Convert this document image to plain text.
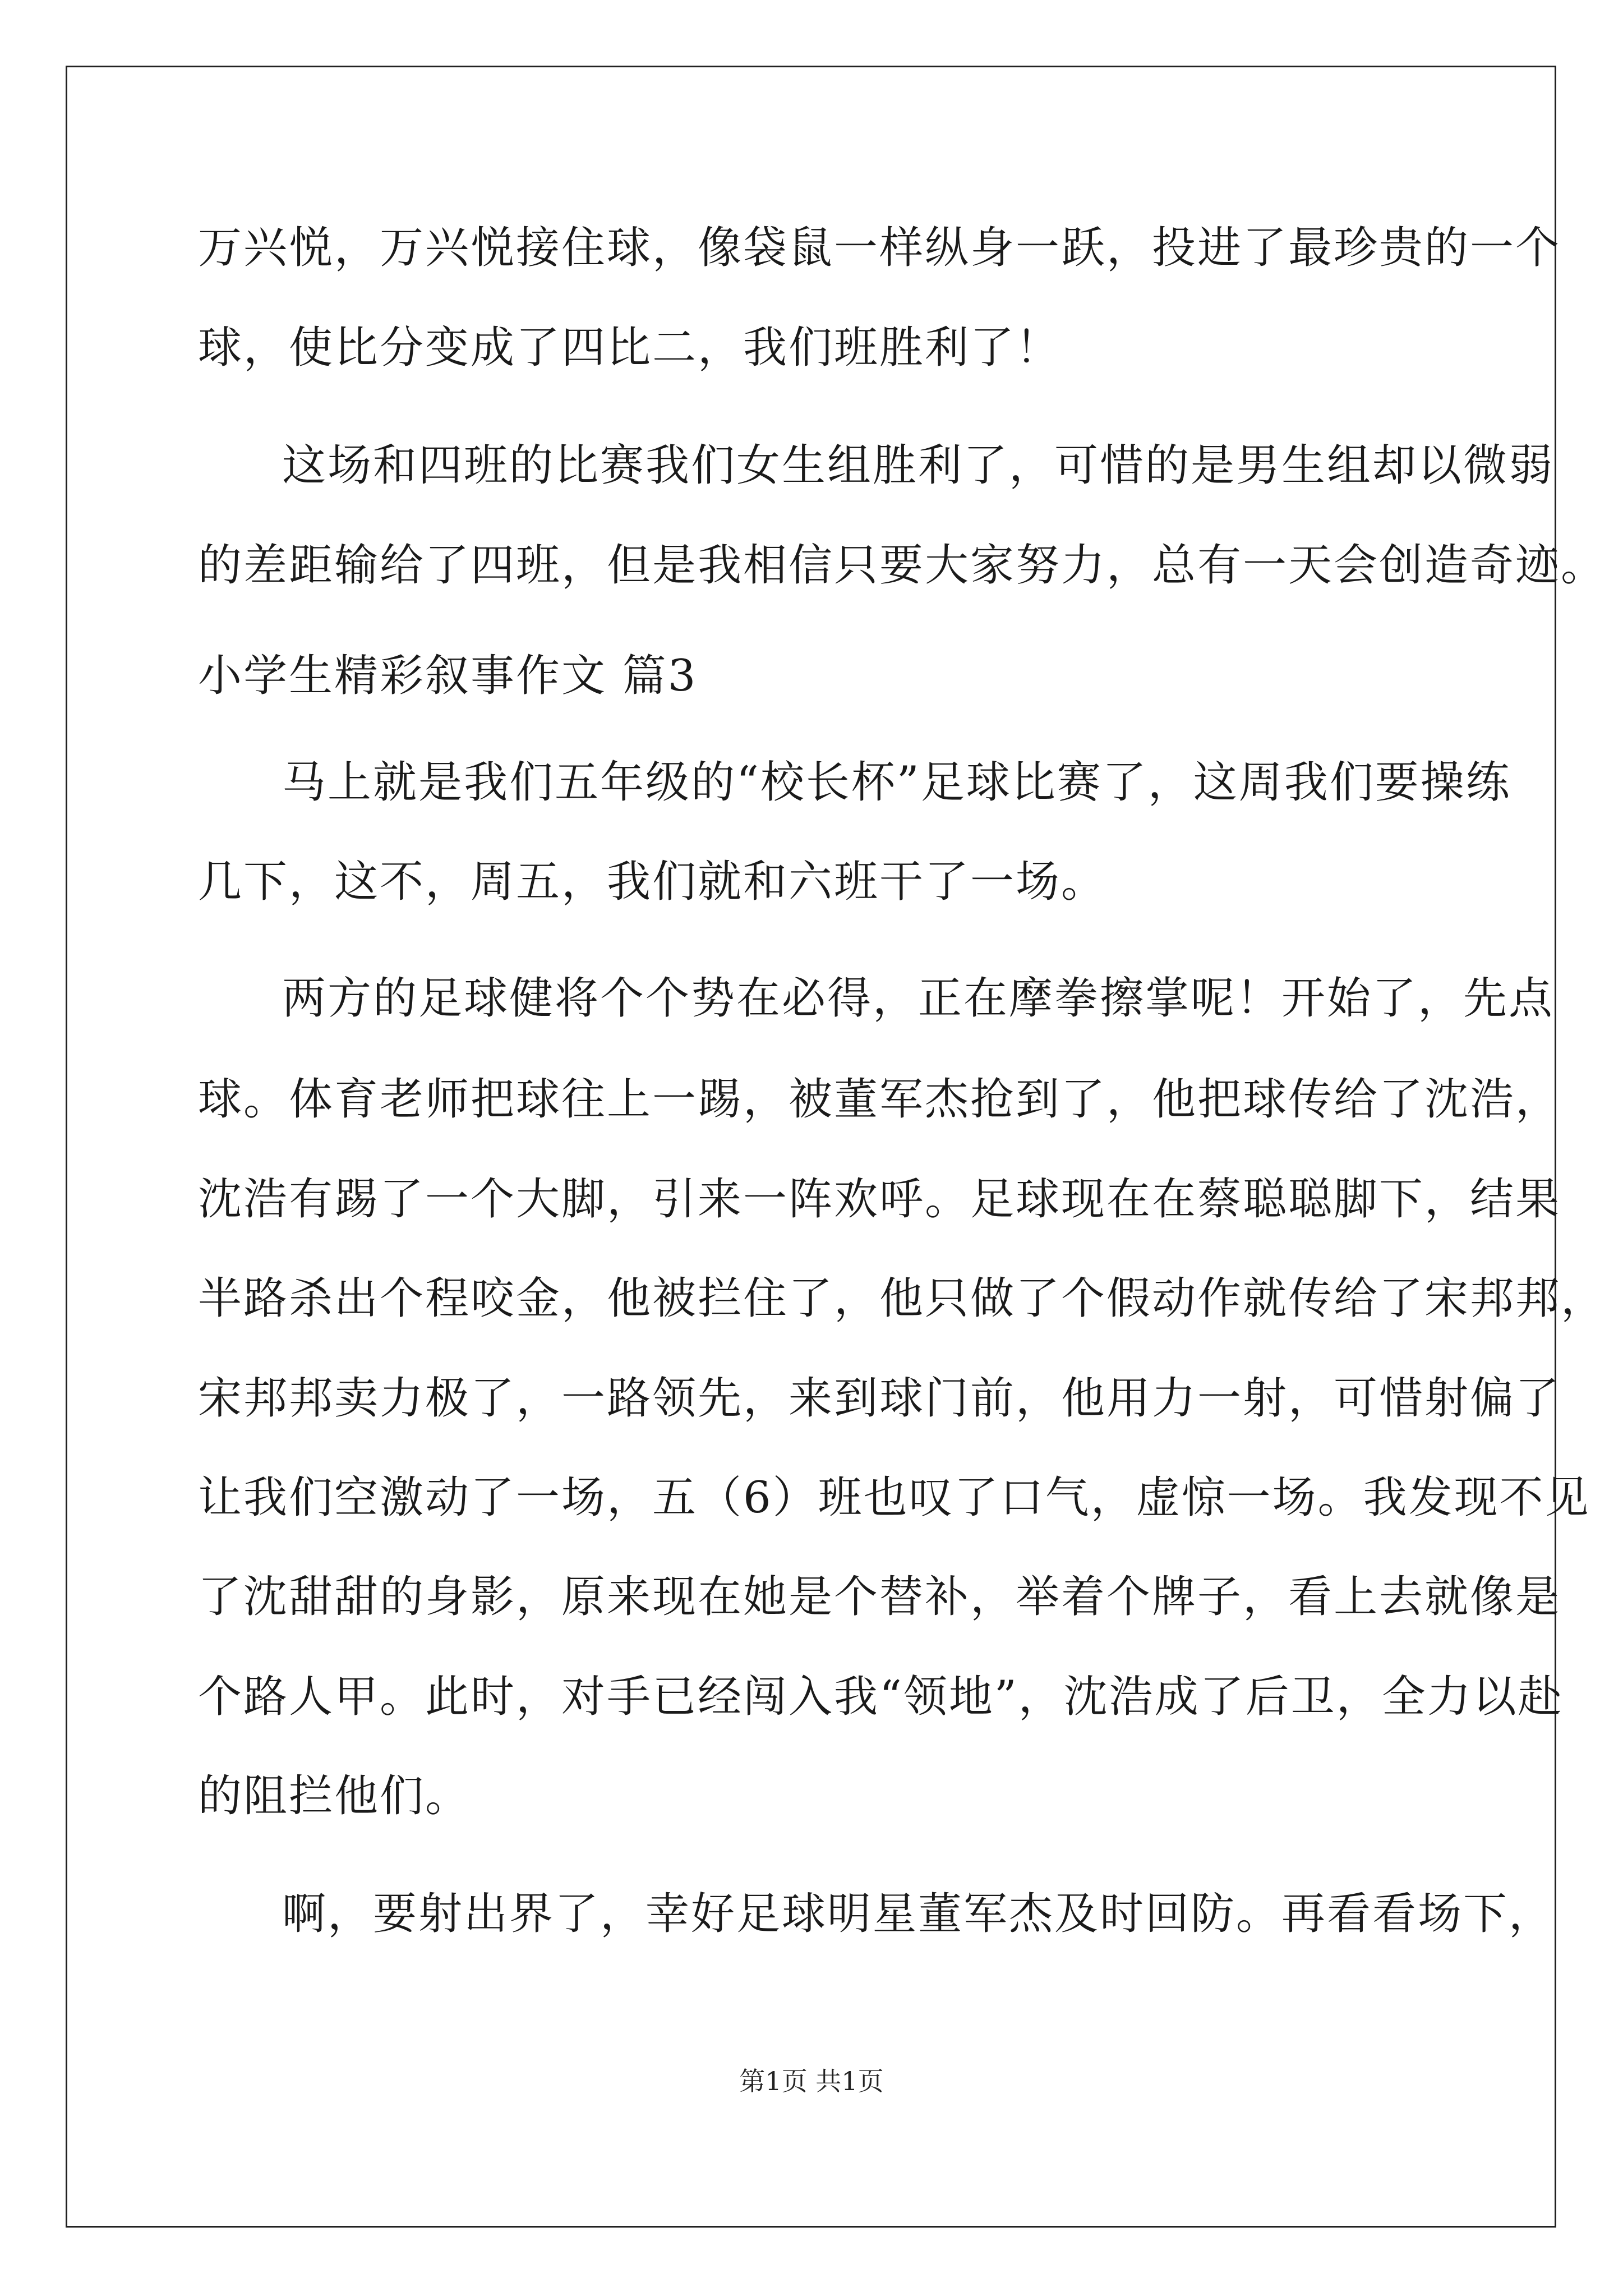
万兴悦，万兴悦接住球，像袋鼠一样纵身一跃，投进了最珍贵的一个
球，使比分变成了四比二，我们班胜利了！
这场和四班的比赛我们女生组胜利了，可惜的是男生组却以微弱
的差距输给了四班，但是我相信只要大家努力，总有一天会创造奇迹。
小学生精彩叙事作文 篇3
马上就是我们五年级的“校长杯”足球比赛了，这周我们要操练
几下，这不，周五，我们就和六班干了一场。
两方的足球健将个个势在必得，正在摩拳擦掌呢！开始了，先点
球。体育老师把球往上一踢，被董军杰抢到了，他把球传给了沈浩，
沈浩有踢了一个大脚，引来一阵欢呼。足球现在在蔡聪聪脚下，结果
半路杀出个程咬金，他被拦住了，他只做了个假动作就传给了宋邦邦，
宋邦邦卖力极了，一路领先，来到球门前，他用力一射，可惜射偏了
让我们空激动了一场，五（6）班也叹了口气，虚惊一场。我发现不见
了沈甜甜的身影，原来现在她是个替补，举着个牌子，看上去就像是
个路人甲。此时，对手已经闯入我“领地”，沈浩成了后卫，全力以赴
的阻拦他们。
啊，要射出界了，幸好足球明星董军杰及时回防。再看看场下，
第1页 共1页
